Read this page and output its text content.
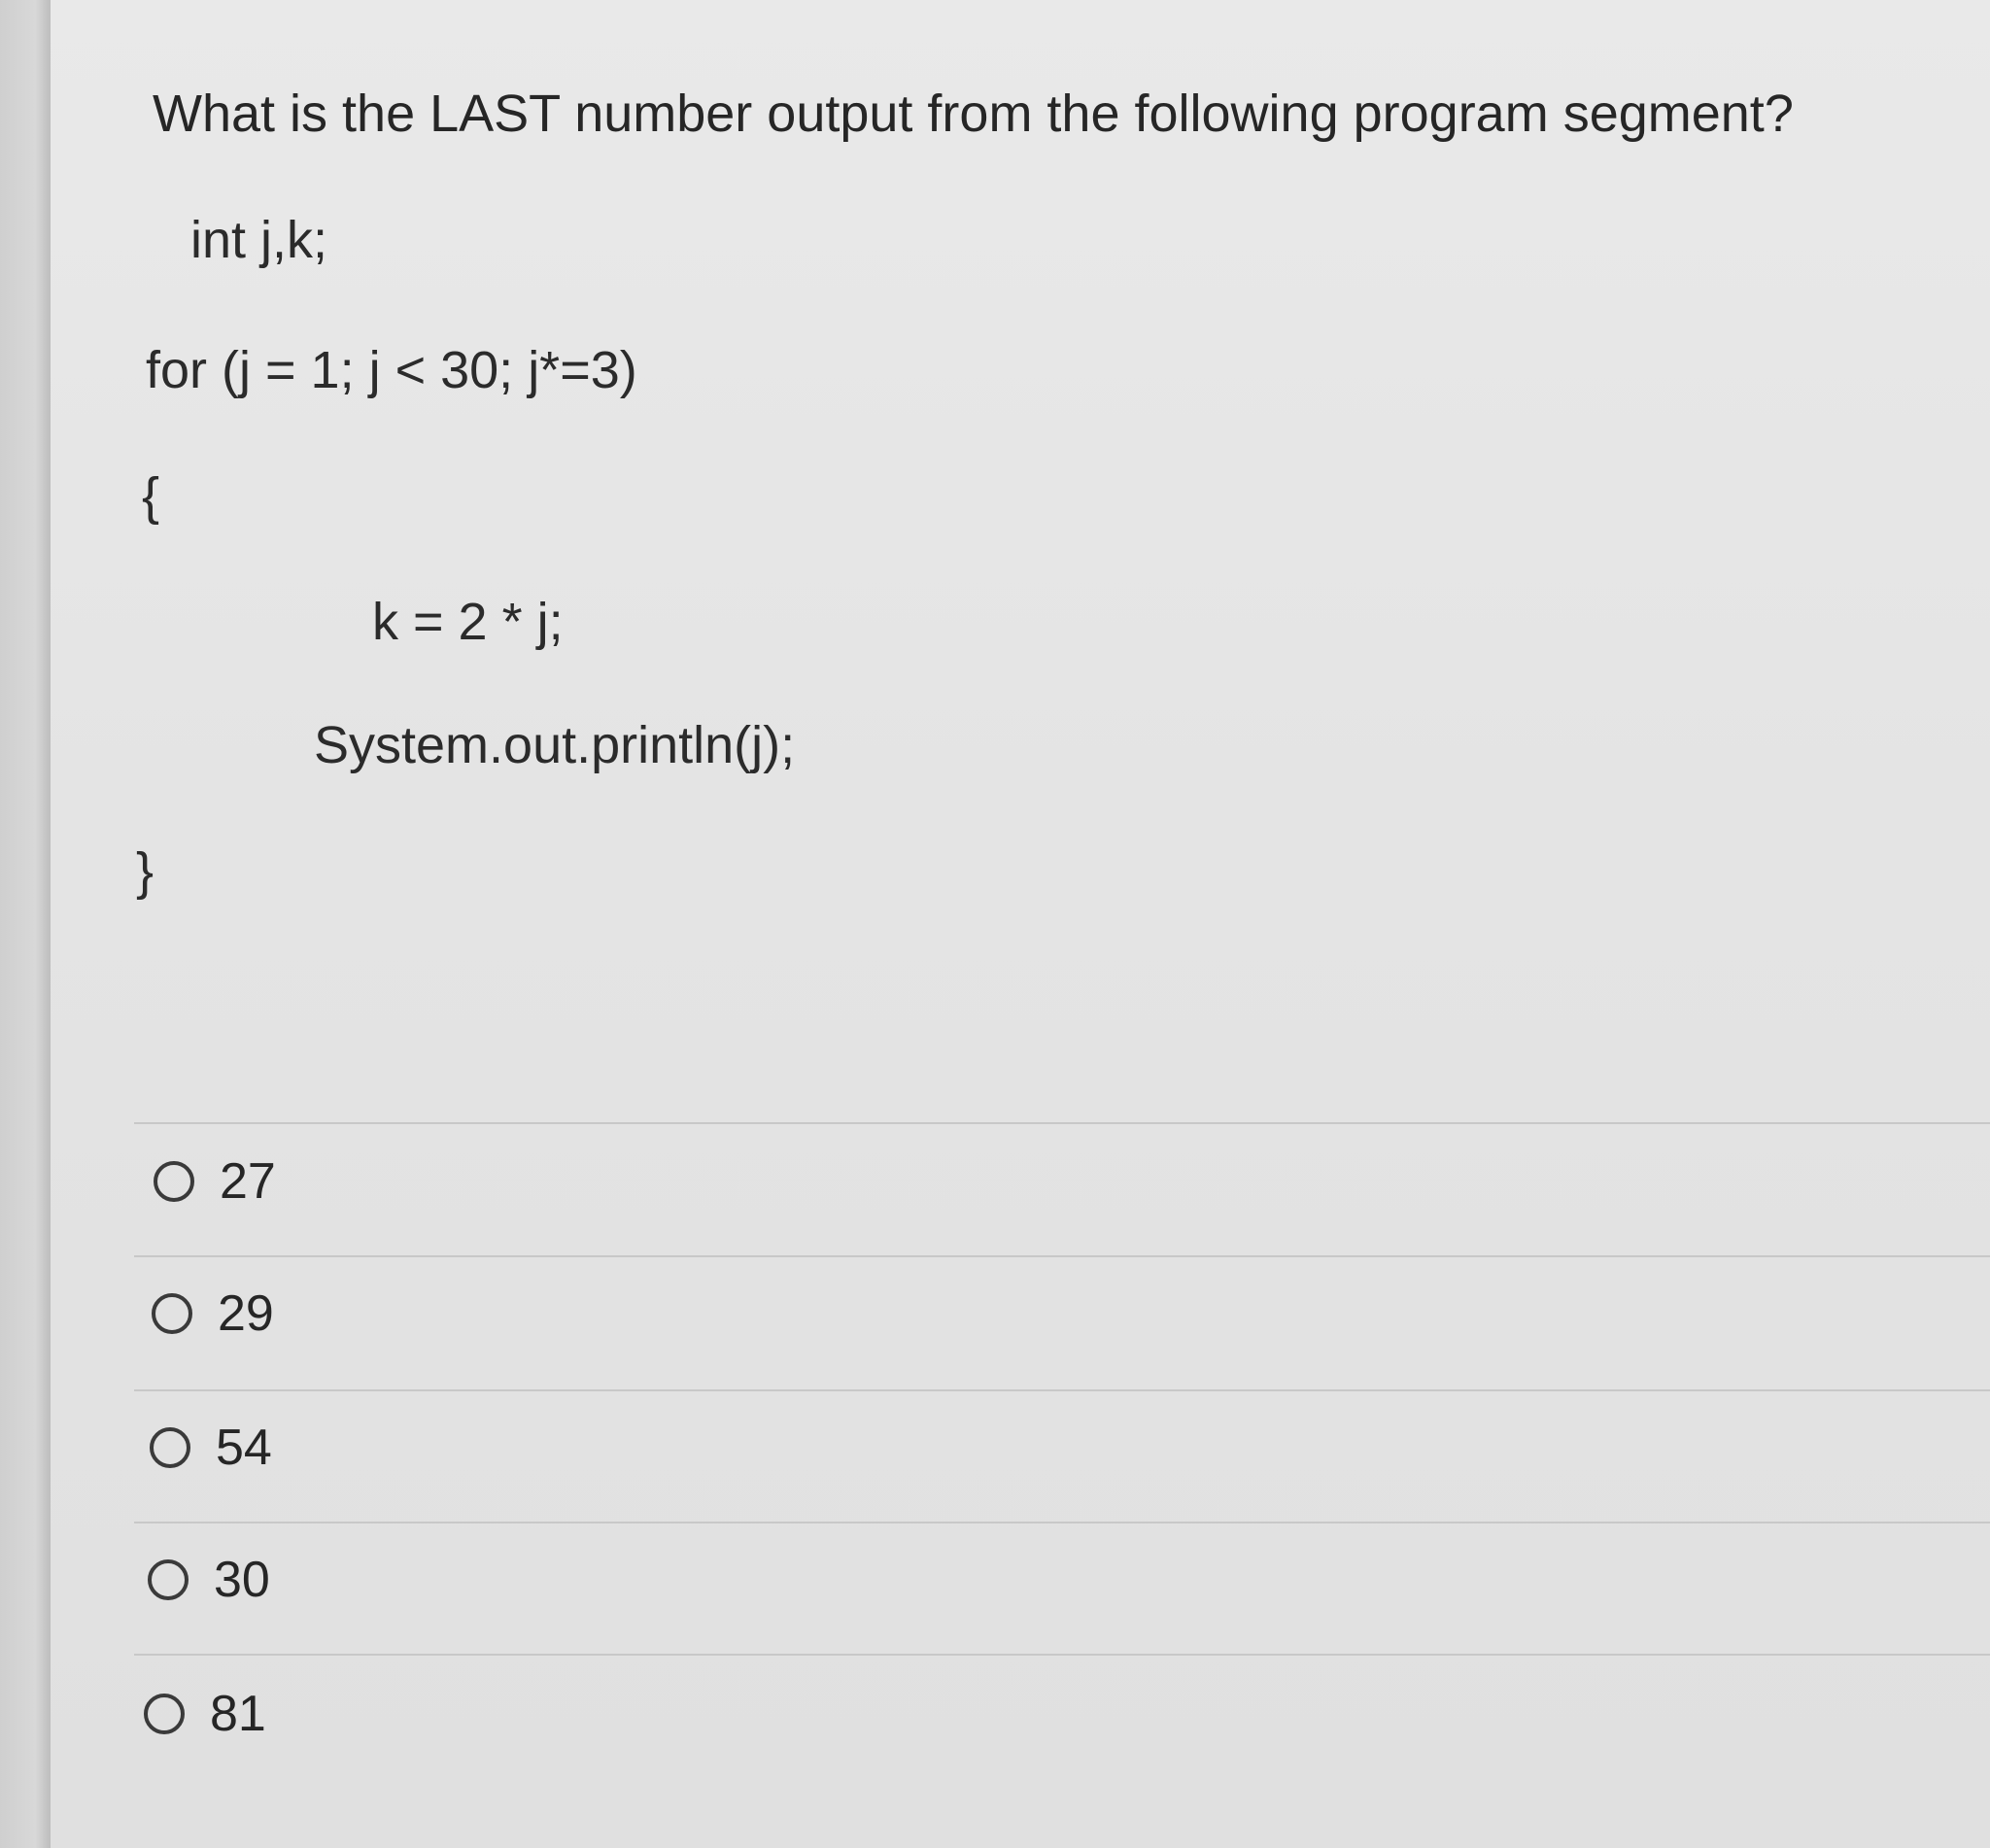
What is the LAST number output from the following program segment?
int j,k;
for (j = 1; j < 30; j*=3)
{
k = 2 * j;
System.out.println(j);
}
27
29
54
30
81
